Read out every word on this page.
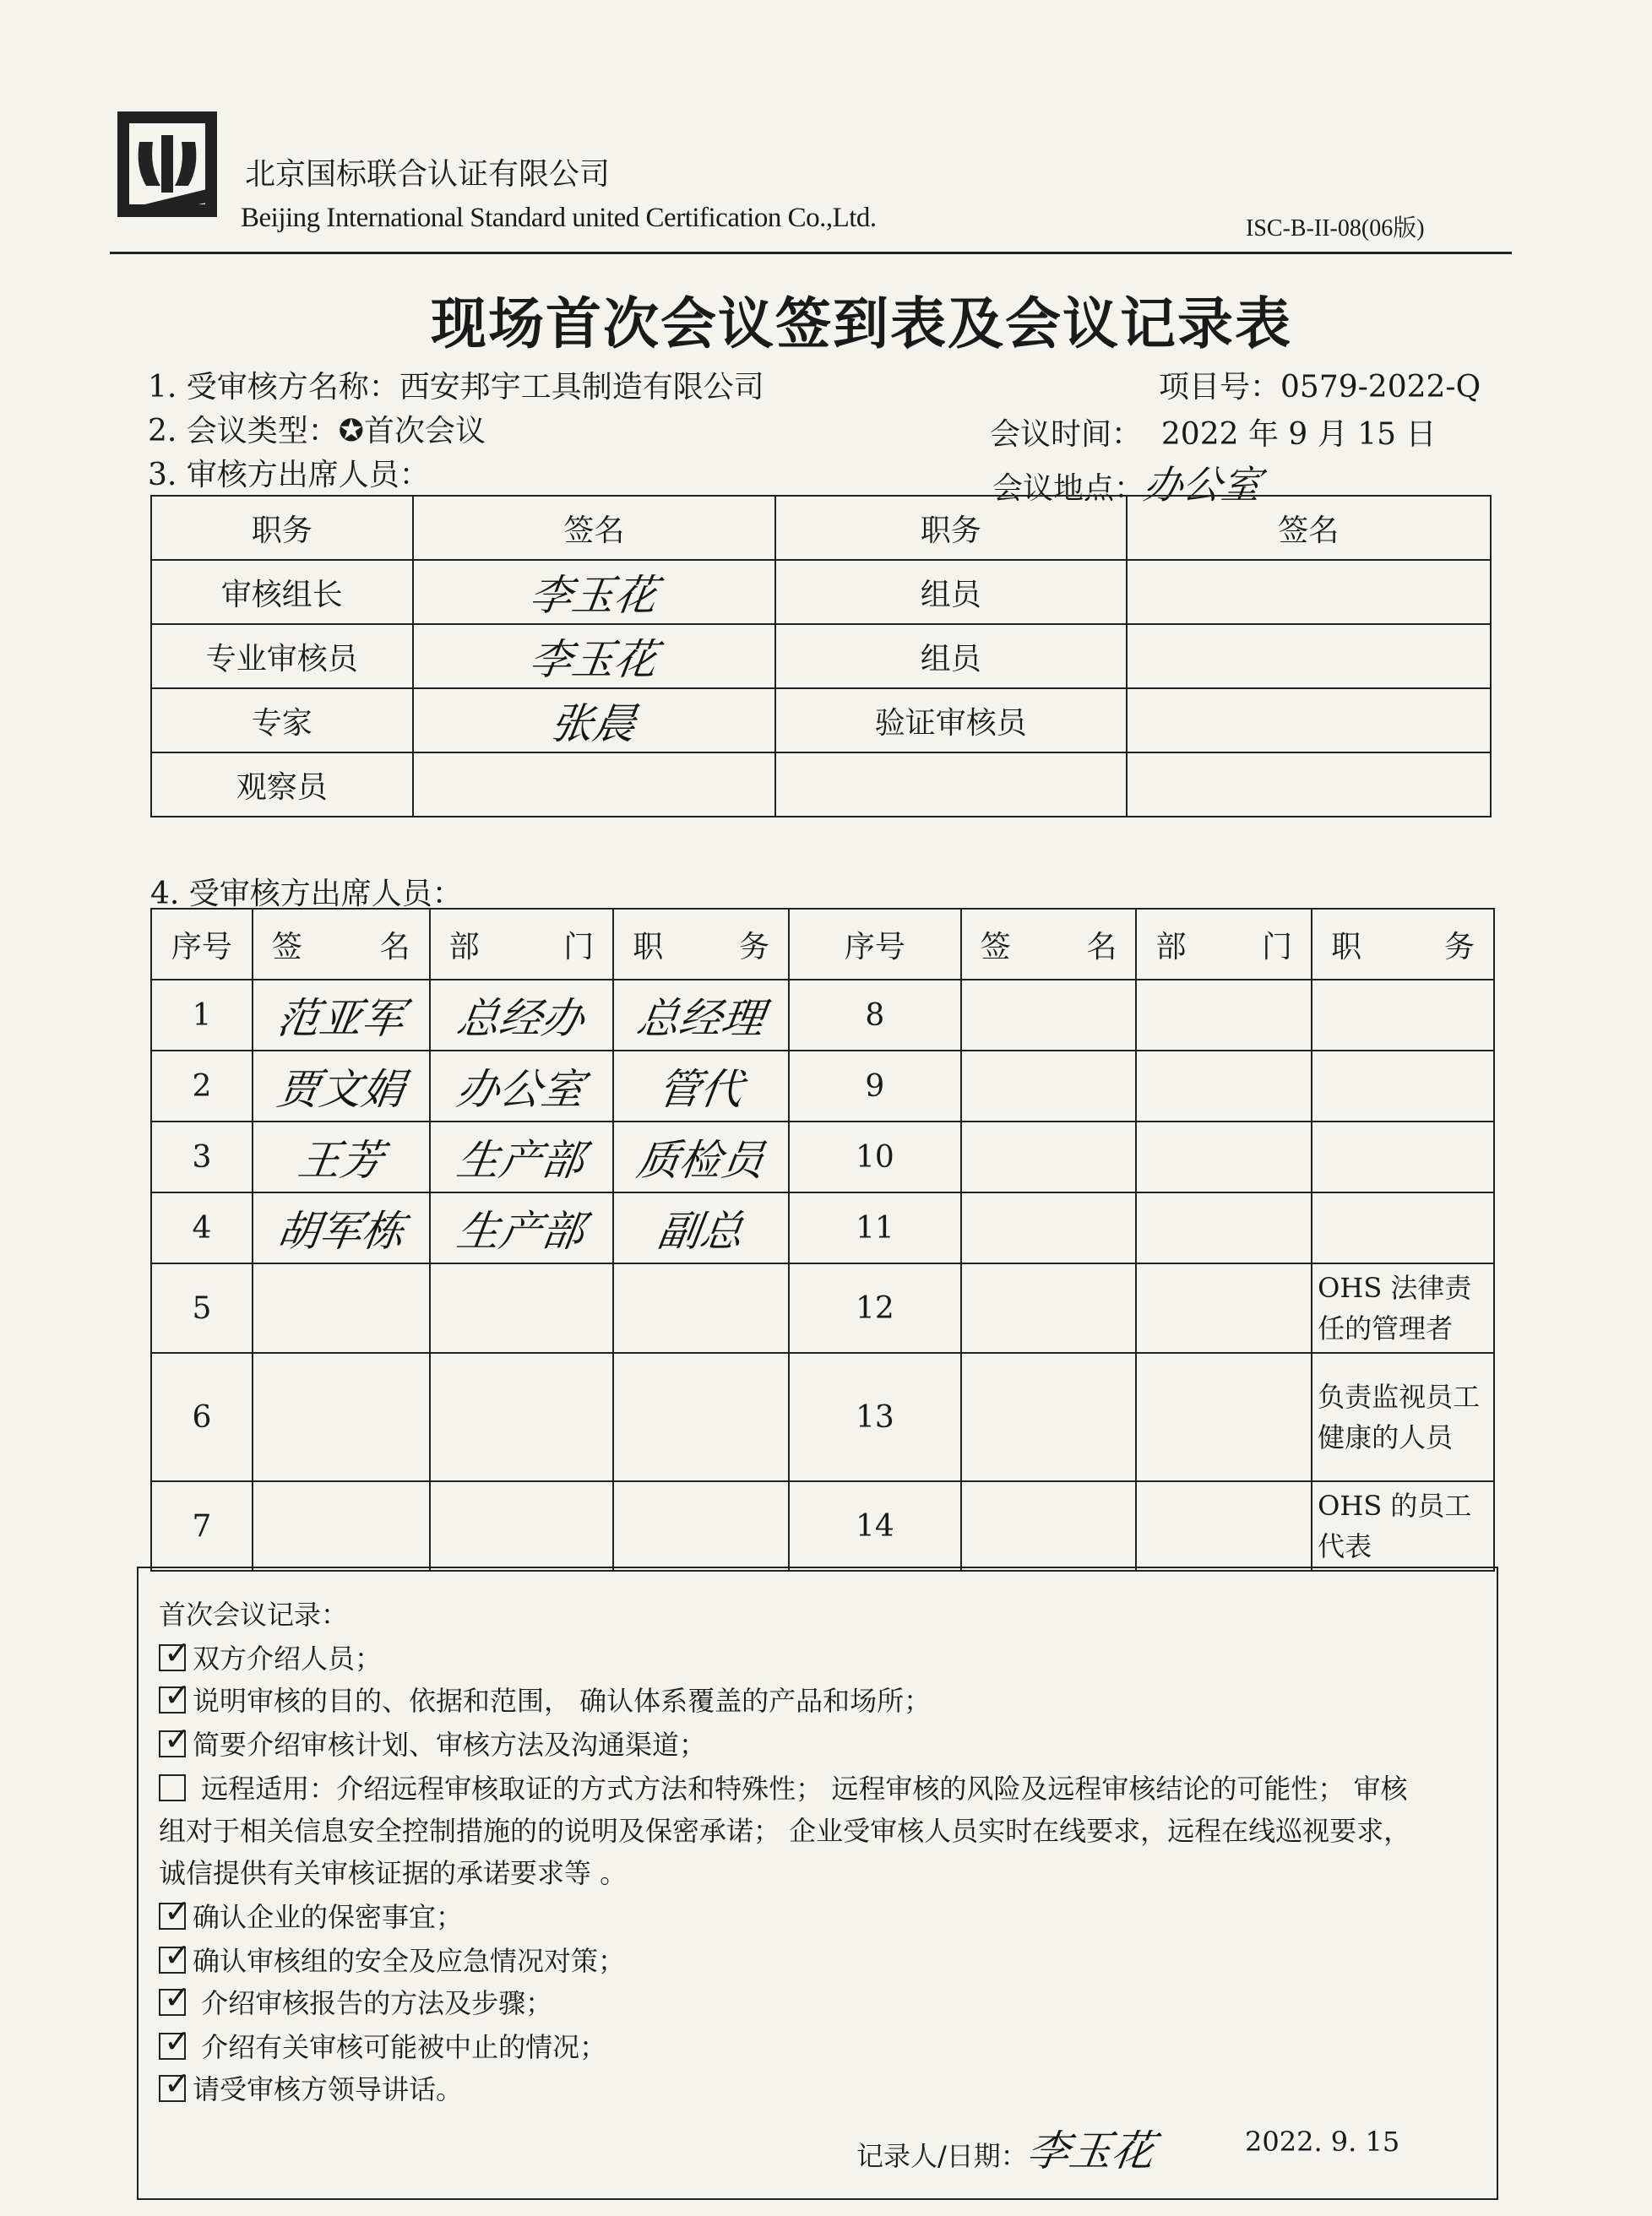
北京国标联合认证有限公司
Beijing International Standard united Certification Co.,Ltd.	ISC-B-II-08(06版)
现场首次会议签到表及会议记录表
1. 受审核方名称：西安邦宇工具制造有限公司	项目号：0579-2022-Q
2. 会议类型：✪首次会议	会议时间： 2022 年 9 月 15 日
3. 审核方出席人员：	会议地点：办公室
职务	签名	职务	签名
审核组长	李玉花	组员	
专业审核员	李玉花	组员	
专家	张晨	验证审核员	
观察员			
4. 受审核方出席人员：
序号	签名	部门	职务	序号	签名	部门	职务
1	范亚军	总经办	总经理	8			
2	贾文娟	办公室	管代	9			
3	王芳	生产部	质检员	10			
4	胡军栋	生产部	副总	11			
5				12			OHS 法律责任的管理者
6				13			负责监视员工健康的人员
7				14			OHS 的员工代表
首次会议记录：
✓双方介绍人员；
✓说明审核的目的、依据和范围， 确认体系覆盖的产品和场所；
✓简要介绍审核计划、审核方法及沟通渠道；
远程适用：介绍远程审核取证的方式方法和特殊性； 远程审核的风险及远程审核结论的可能性； 审核
组对于相关信息安全控制措施的的说明及保密承诺； 企业受审核人员实时在线要求，远程在线巡视要求，
诚信提供有关审核证据的承诺要求等 。
✓确认企业的保密事宜；
✓确认审核组的安全及应急情况对策；
✓ 介绍审核报告的方法及步骤；
✓ 介绍有关审核可能被中止的情况；
✓请受审核方领导讲话。
记录人/日期：李玉花	2022. 9. 15
